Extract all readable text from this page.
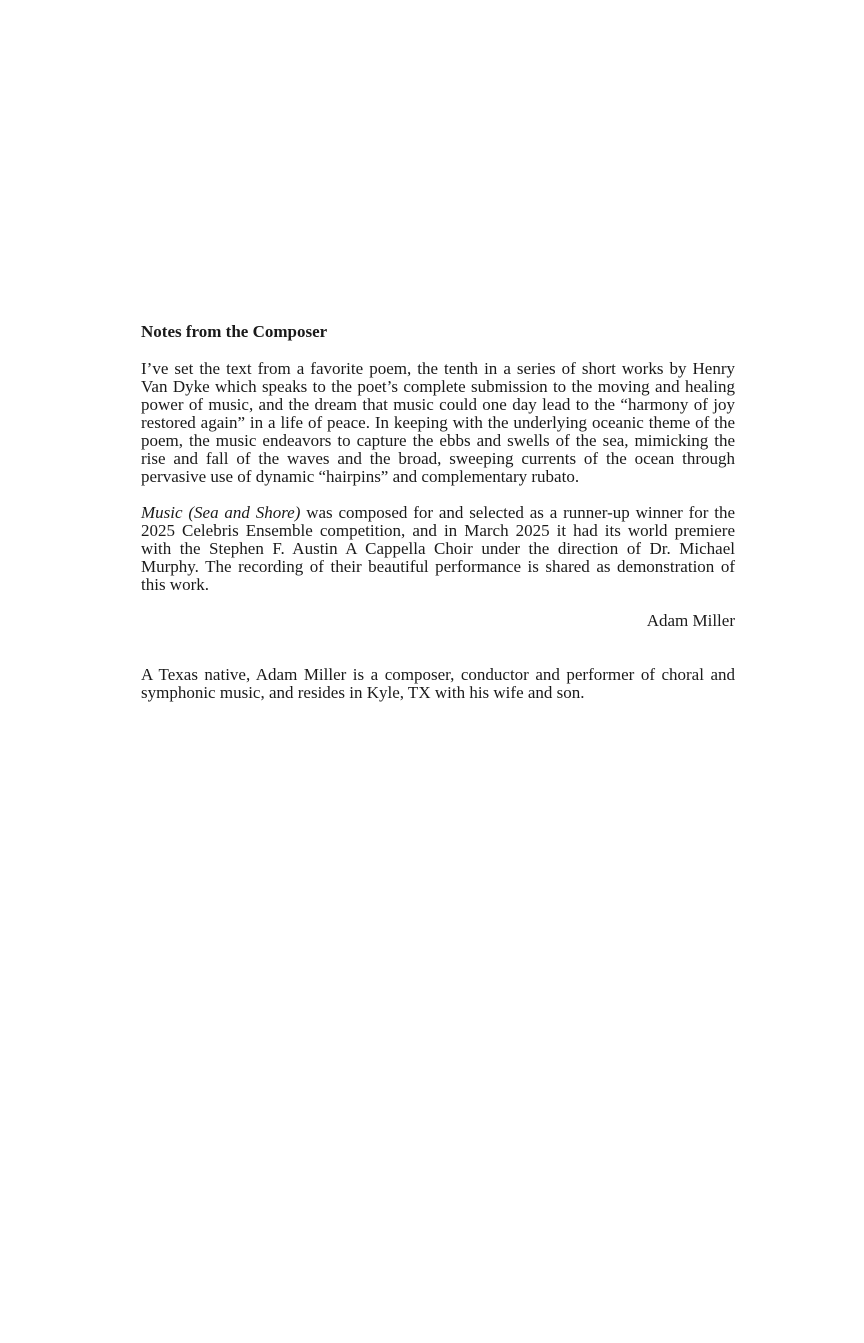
Notes from the Composer

I’ve set the text from a favorite poem, the tenth in a series of short works by Henry Van Dyke which speaks to the poet’s complete submission to the moving and healing power of music, and the dream that music could one day lead to the “harmony of joy restored again” in a life of peace. In keeping with the underlying oceanic theme of the poem, the music endeavors to capture the ebbs and swells of the sea, mimicking the rise and fall of the waves and the broad, sweeping currents of the ocean through pervasive use of dynamic “hairpins” and complementary rubato.

Music (Sea and Shore) was composed for and selected as a runner-up winner for the 2025 Celebris Ensemble competition, and in March 2025 it had its world premiere with the Stephen F. Austin A Cappella Choir under the direction of Dr. Michael Murphy. The recording of their beautiful performance is shared as demonstration of this work.

Adam Miller

A Texas native, Adam Miller is a composer, conductor and performer of choral and symphonic music, and resides in Kyle, TX with his wife and son.
